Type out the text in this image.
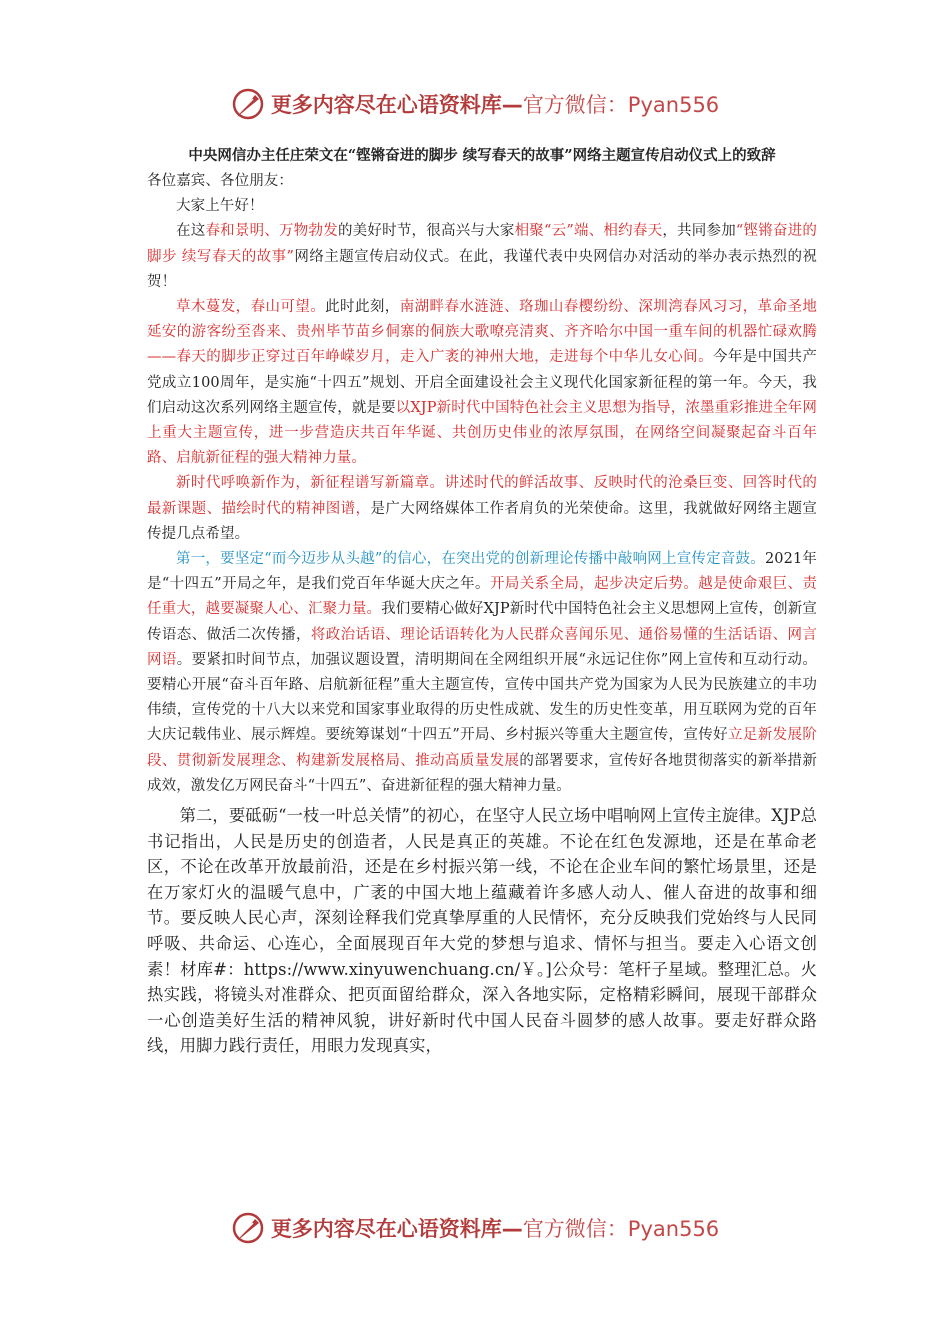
更多内容尽在心语资料库— 官方微信：Pyan556
中央网信办主任庄荣文在“铿锵奋进的脚步 续写春天的故事”网络主题宣传启动仪式上的致辞

各位嘉宾、各位朋友：

大家上午好！

在这春和景明、万物勃发的美好时节，很高兴与大家相聚“云”端、相约春天，共同参加“铿锵奋进的脚步 续写春天的故事”网络主题宣传启动仪式。在此，我谨代表中央网信办对活动的举办表示热烈的祝贺！

草木蔓发，春山可望。此时此刻，南湖畔春水涟涟、珞珈山春樱纷纷、深圳湾春风习习，革命圣地延安的游客纷至沓来、贵州毕节苗乡侗寨的侗族大歌嘹亮清爽、齐齐哈尔中国一重车间的机器忙碌欢腾——春天的脚步正穿过百年峥嵘岁月，走入广袤的神州大地，走进每个中华儿女心间。今年是中国共产党成立100周年，是实施“十四五”规划、开启全面建设社会主义现代化国家新征程的第一年。今天，我们启动这次系列网络主题宣传，就是要以XJP新时代中国特色社会主义思想为指导，浓墨重彩推进全年网上重大主题宣传，进一步营造庆共百年华诞、共创历史伟业的浓厚氛围，在网络空间凝聚起奋斗百年路、启航新征程的强大精神力量。

新时代呼唤新作为，新征程谱写新篇章。讲述时代的鲜活故事、反映时代的沧桑巨变、回答时代的最新课题、描绘时代的精神图谱，是广大网络媒体工作者肩负的光荣使命。这里，我就做好网络主题宣传提几点希望。

第一，要坚定“而今迈步从头越”的信心，在突出党的创新理论传播中敲响网上宣传定音鼓。2021年是“十四五”开局之年，是我们党百年华诞大庆之年。开局关系全局，起步决定后势。越是使命艰巨、责任重大，越要凝聚人心、汇聚力量。我们要精心做好XJP新时代中国特色社会主义思想网上宣传，创新宣传语态、做活二次传播，将政治话语、理论话语转化为人民群众喜闻乐见、通俗易懂的生活话语、网言网语。要紧扣时间节点，加强议题设置，清明期间在全网组织开展“永远记住你”网上宣传和互动行动。要精心开展“奋斗百年路、启航新征程”重大主题宣传，宣传中国共产党为国家为人民为民族建立的丰功伟绩，宣传党的十八大以来党和国家事业取得的历史性成就、发生的历史性变革，用互联网为党的百年大庆记载伟业、展示辉煌。要统筹谋划“十四五”开局、乡村振兴等重大主题宣传，宣传好立足新发展阶段、贯彻新发展理念、构建新发展格局、推动高质量发展的部署要求，宣传好各地贯彻落实的新举措新成效，激发亿万网民奋斗“十四五”、奋进新征程的强大精神力量。

第二，要砥砺“一枝一叶总关情”的初心，在坚守人民立场中唱响网上宣传主旋律。XJP总书记指出，人民是历史的创造者，人民是真正的英雄。不论在红色发源地，还是在革命老区，不论在改革开放最前沿，还是在乡村振兴第一线，不论在企业车间的繁忙场景里，还是在万家灯火的温暖气息中，广袤的中国大地上蕴藏着许多感人动人、催人奋进的故事和细节。要反映人民心声，深刻诠释我们党真挚厚重的人民情怀，充分反映我们党始终与人民同呼吸、共命运、心连心，全面展现百年大党的梦想与追求、情怀与担当。要走入心语文创素！材库#：https://www.xinyuwenchuang.cn/￥。]公众号：笔杆子星域。整理汇总。火热实践，将镜头对准群众、把页面留给群众，深入各地实际，定格精彩瞬间，展现干部群众一心创造美好生活的精神风貌，讲好新时代中国人民奋斗圆梦的感人故事。要走好群众路线，用脚力践行责任，用眼力发现真实，

更多内容尽在心语资料库— 官方微信：Pyan556
